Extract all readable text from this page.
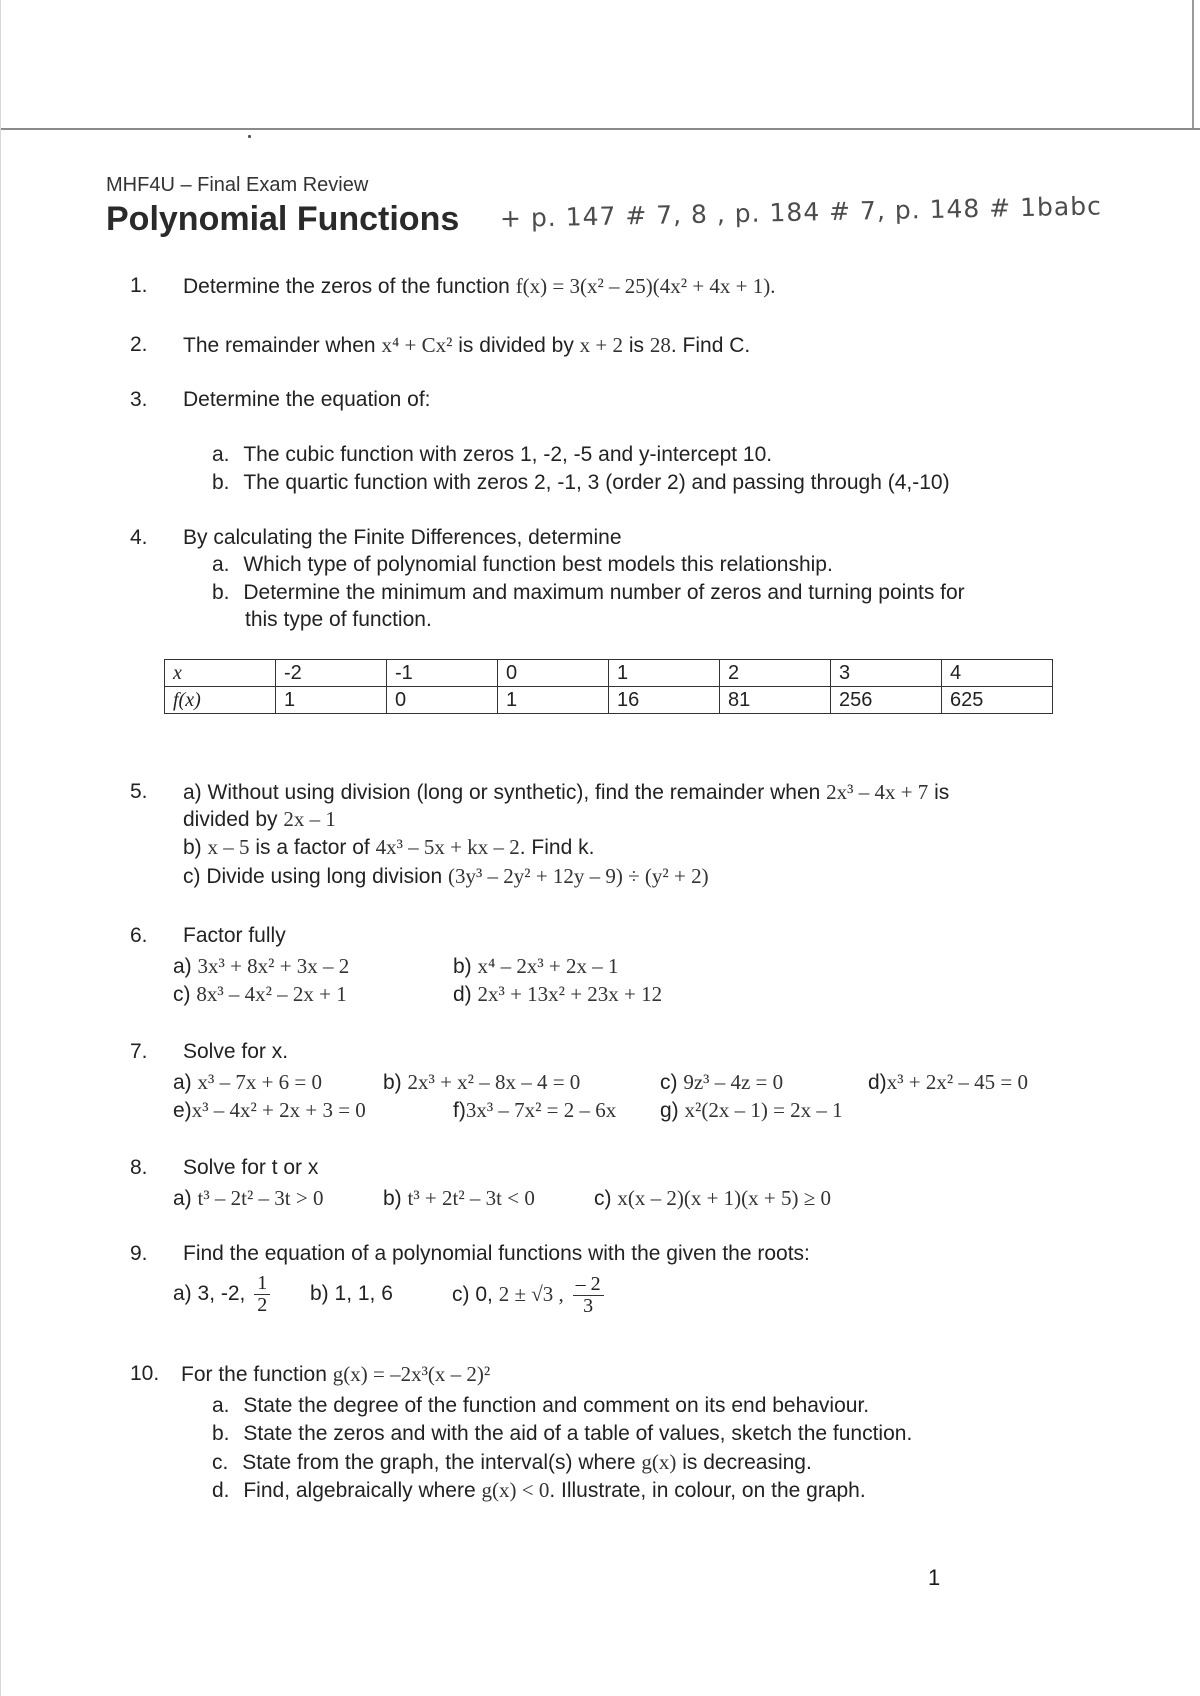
MHF4U – Final Exam Review
Polynomial Functions + p. 147 # 7, 8 , p. 184 # 7, p. 148 # 1babc
1.	Determine the zeros of the function f(x) = 3(x² – 25)(4x² + 4x + 1).
2.	The remainder when x⁴ + Cx² is divided by x + 2 is 28. Find C.
3.	Determine the equation of:
a. The cubic function with zeros 1, -2, -5 and y-intercept 10.
b. The quartic function with zeros 2, -1, 3 (order 2) and passing through (4,-10)
4.	By calculating the Finite Differences, determine
a. Which type of polynomial function best models this relationship.
b. Determine the minimum and maximum number of zeros and turning points for
this type of function.
x	-2	-1	0	1	2	3	4
f(x)	1	0	1	16	81	256	625
5.	a) Without using division (long or synthetic), find the remainder when 2x³ – 4x + 7 is
divided by 2x – 1
b) x – 5 is a factor of 4x³ – 5x + kx – 2. Find k.
c) Divide using long division (3y³ – 2y² + 12y – 9) ÷ (y² + 2)
6.	Factor fully
a) 3x³ + 8x² + 3x – 2	b) x⁴ – 2x³ + 2x – 1
c) 8x³ – 4x² – 2x + 1	d) 2x³ + 13x² + 23x + 12
7.	Solve for x.
a) x³ – 7x + 6 = 0	b) 2x³ + x² – 8x – 4 = 0	c) 9z³ – 4z = 0	d)x³ + 2x² – 45 = 0
e)x³ – 4x² + 2x + 3 = 0	f)3x³ – 7x² = 2 – 6x g) x²(2x – 1) = 2x – 1
8.	Solve for t or x
a) t³ – 2t² – 3t > 0	b) t³ + 2t² – 3t < 0	c) x(x – 2)(x + 1)(x + 5) ≥ 0
9.	Find the equation of a polynomial functions with the given the roots:
a) 3, -2, $\frac{1}{2} b$) 1, 1, 6	c) 0, 2 ± √3 , $\frac{- 2}{3}$
10.	For the function g(x) = –2x³(x – 2)²
a. State the degree of the function and comment on its end behaviour.
b. State the zeros and with the aid of a table of values, sketch the function.
c. State from the graph, the interval(s) where g(x) is decreasing.
d. Find, algebraically where g(x) < 0. Illustrate, in colour, on the graph.
1
